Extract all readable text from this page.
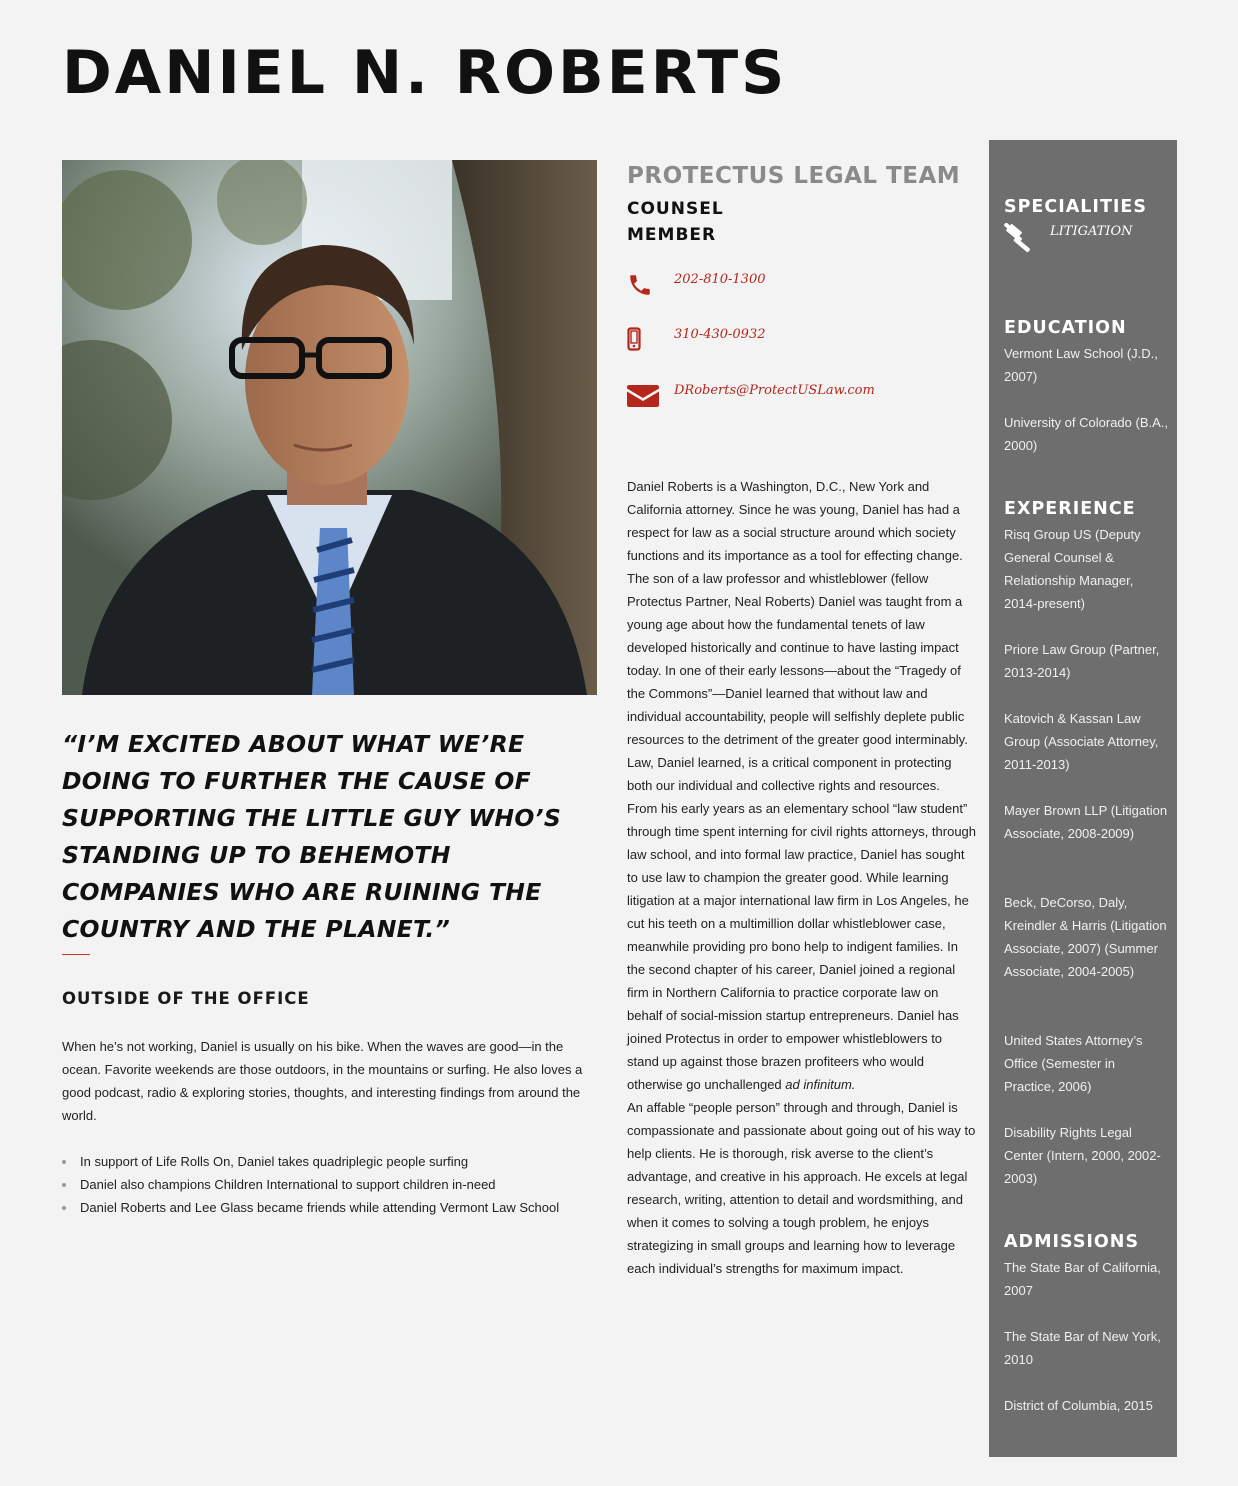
DANIEL N. ROBERTS
“I’M EXCITED ABOUT WHAT WE’RE DOING TO FURTHER THE CAUSE OF SUPPORTING THE LITTLE GUY WHO’S STANDING UP TO BEHEMOTH COMPANIES WHO ARE RUINING THE COUNTRY AND THE PLANET.”
OUTSIDE OF THE OFFICE

When he’s not working, Daniel is usually on his bike. When the waves are good—in the ocean. Favorite weekends are those outdoors, in the mountains or surfing. He also loves a good podcast, radio & exploring stories, thoughts, and interesting findings from around the world.

In support of Life Rolls On, Daniel takes quadriplegic people surfing
Daniel also champions Children International to support children in-need
Daniel Roberts and Lee Glass became friends while attending Vermont Law School
PROTECTUS LEGAL TEAM
COUNSEL
MEMBER
202-810-1300
310-430-0932
DRoberts@ProtectUSLaw.com

Daniel Roberts is a Washington, D.C., New York and California attorney. Since he was young, Daniel has had a respect for law as a social structure around which society functions and its importance as a tool for effecting change. The son of a law professor and whistleblower (fellow Protectus Partner, Neal Roberts) Daniel was taught from a young age about how the fundamental tenets of law developed historically and continue to have lasting impact today. In one of their early lessons—about the “Tragedy of the Commons”—Daniel learned that without law and individual accountability, people will selfishly deplete public resources to the detriment of the greater good interminably. Law, Daniel learned, is a critical component in protecting both our individual and collective rights and resources.

From his early years as an elementary school “law student” through time spent interning for civil rights attorneys, through law school, and into formal law practice, Daniel has sought to use law to champion the greater good. While learning litigation at a major international law firm in Los Angeles, he cut his teeth on a multimillion dollar whistleblower case, meanwhile providing pro bono help to indigent families. In the second chapter of his career, Daniel joined a regional firm in Northern California to practice corporate law on behalf of social-mission startup entrepreneurs. Daniel has joined Protectus in order to empower whistleblowers to stand up against those brazen profiteers who would otherwise go unchallenged ad infinitum.

An affable “people person” through and through, Daniel is compassionate and passionate about going out of his way to help clients. He is thorough, risk averse to the client’s advantage, and creative in his approach. He excels at legal research, writing, attention to detail and wordsmithing, and when it comes to solving a tough problem, he enjoys strategizing in small groups and learning how to leverage each individual’s strengths for maximum impact.

SPECIALITIES
LITIGATION
EDUCATION
Vermont Law School (J.D., 2007)
University of Colorado (B.A., 2000)
EXPERIENCE
Risq Group US (Deputy General Counsel & Relationship Manager, 2014-present)
Priore Law Group (Partner, 2013-2014)
Katovich & Kassan Law Group (Associate Attorney, 2011-2013)
Mayer Brown LLP (Litigation Associate, 2008-2009)
Beck, DeCorso, Daly, Kreindler & Harris (Litigation Associate, 2007) (Summer Associate, 2004-2005)
United States Attorney’s Office (Semester in Practice, 2006)
Disability Rights Legal Center (Intern, 2000, 2002-2003)
ADMISSIONS
The State Bar of California, 2007
The State Bar of New York, 2010
District of Columbia, 2015
